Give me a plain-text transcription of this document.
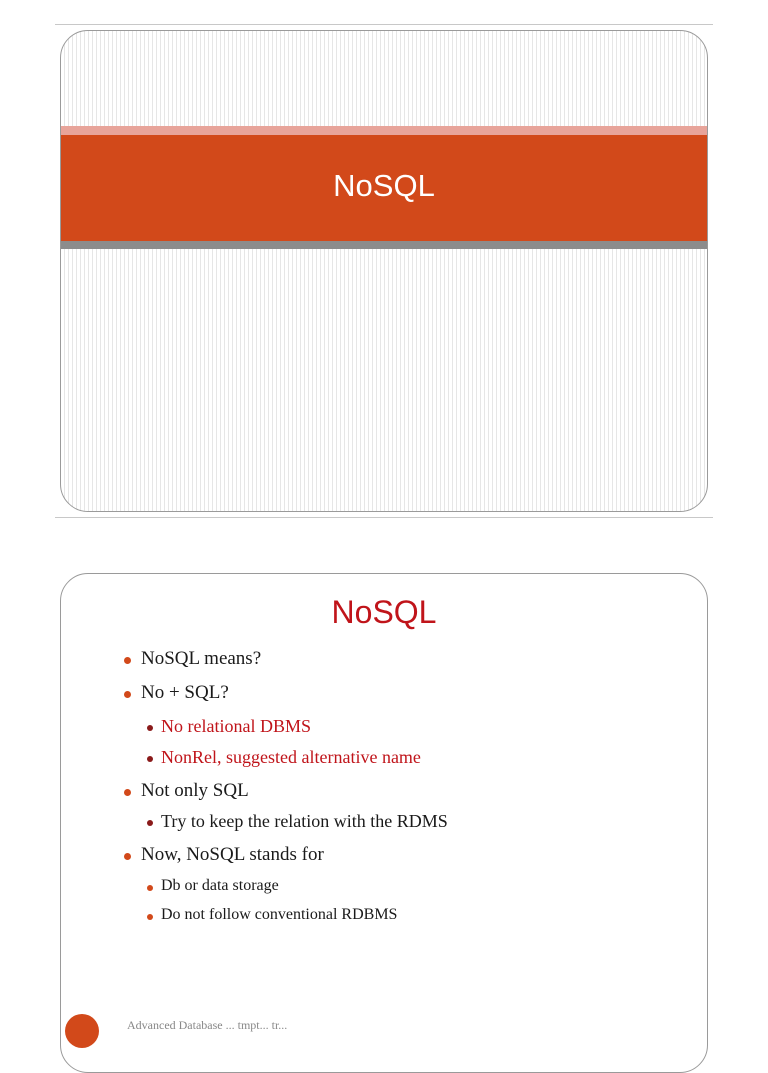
NoSQL
NoSQL
NoSQL means?
No + SQL?
No relational DBMS
NonRel, suggested alternative name
Not only SQL
Try to keep the relation with the RDMS
Now, NoSQL stands for
Db or data storage
Do not follow conventional RDBMS
Advanced Database ... tmpt... tr...
